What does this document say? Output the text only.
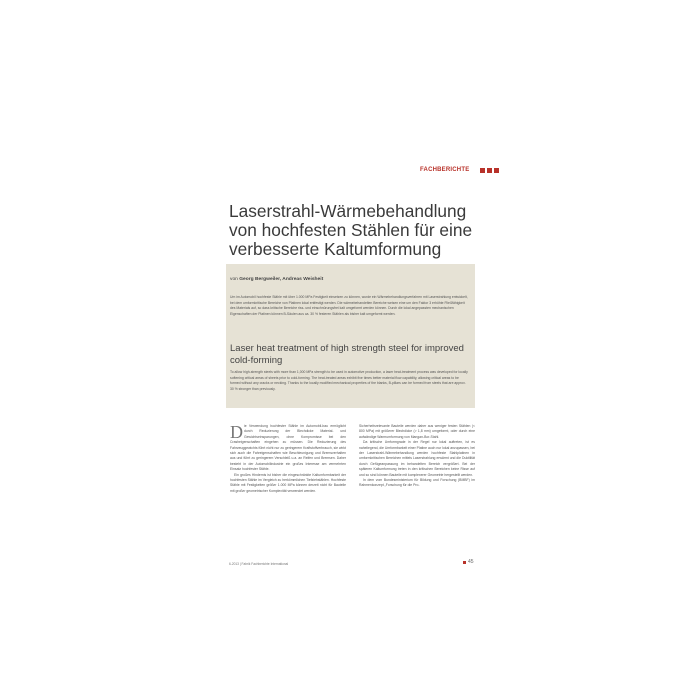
FACHBERICHTE
Laserstrahl-Wärmebehandlung
von hochfesten Stählen für eine
verbesserte Kaltumformung
von Georg Bergweiler, Andreas Weisheit

Um im Automobil hochfeste Stähle mit über 1.000 MPa Festigkeit einsetzen zu können, wurde ein Wärmebehandlungsverfahren mit Laserstrahlung entwickelt, bei dem umformkritische Bereiche von Platinen lokal entfestigt werden. Die wärmebehandelten Bereiche weisen eine um den Faktor 3 erhöhte Fließfähigkeit des Materials auf, so dass kritische Bereiche riss- und einschnürungsfrei kalt umgeformt werden können. Durch die lokal angepassten mechanischen Eigenschaften der Platinen können B-Säulen aus ca. 30 % festeren Stählen als bisher kalt umgeformt werden.

Laser heat treatment of high strength steel for improved
cold-forming

To allow high-strength steels with more than 1,000 MPa strength to be used in automotive production, a laser heat-treatment process was developed for locally softening critical areas of sheets prior to cold-forming. The heat-treated areas exhibit five times better material flow capability, allowing critical areas to be formed without any cracks or necking. Thanks to the locally modified mechanical properties of the blanks, B-pillars can be formed from steels that are approx. 30 % stronger than previously.

D ie Verwendung hochfester Stähle im Automobil-bau ermöglicht durch Reduzierung der Blechdicke Material- und Gewichtseinsparungen, ohne Kompromisse bei den Crasheigenschaften eingehen zu müssen. Die Reduzierung des Fahrzeuggewichts führt nicht nur zu geringerem Kraftstoffverbrauch, sie wirkt sich auch die Fahreigenschaften wie Beschleunigung und Bremsverhalten aus und führt zu geringerem Verschleiß u.a. an Reifen und Bremsen. Daher besteht in der Automobilindustrie ein großes Interesse am vermehrten Einsatz hochfester Stähle.
Ein großes Hindernis ist bisher die eingeschränkte Kaltumformbarkeit der hochfesten Stähle im Vergleich zu herkömmlichen Tiefziehstählen. Hochfeste Stähle mit Festigkeiten größer 1.000 MPa können derzeit nicht für Bauteile mit großer geometrischer Komplexität verwendet werden.
Sicherheitsrelevante Bauteile werden daher aus weniger festen Stählen (< 800 MPa) mit größerer Blechdicke (> 1,8 mm) umgeformt, oder durch eine aufwändige Warmumformung von Mangan-Bor-Stahl.
Da kritische Umformgrade in der Regel nur lokal auftreten, ist es naheliegend, die Umformbarkeit einer Platine auch nur lokal anzupassen, bei der Laserstrahl-Wärmebehandlung werden hochfeste Stahlplatinen in umformkritischen Bereichen mittels Laserstrahlung erwärmt und die Duktilität durch Gefügeanpassung im behandelten Bereich vergrößert. Bei der späteren Kaltumformung treten in den kritischen Bereichen keine Risse auf und so sind können Bauteile mit komplexerer Geometrie hergestellt werden.
In dem vom Bundesministerium für Bildung und Forschung (BMBF) im Rahmenkonzept „Forschung für die Pro-
6-2013 | Fabrik Fachberichte International	45
